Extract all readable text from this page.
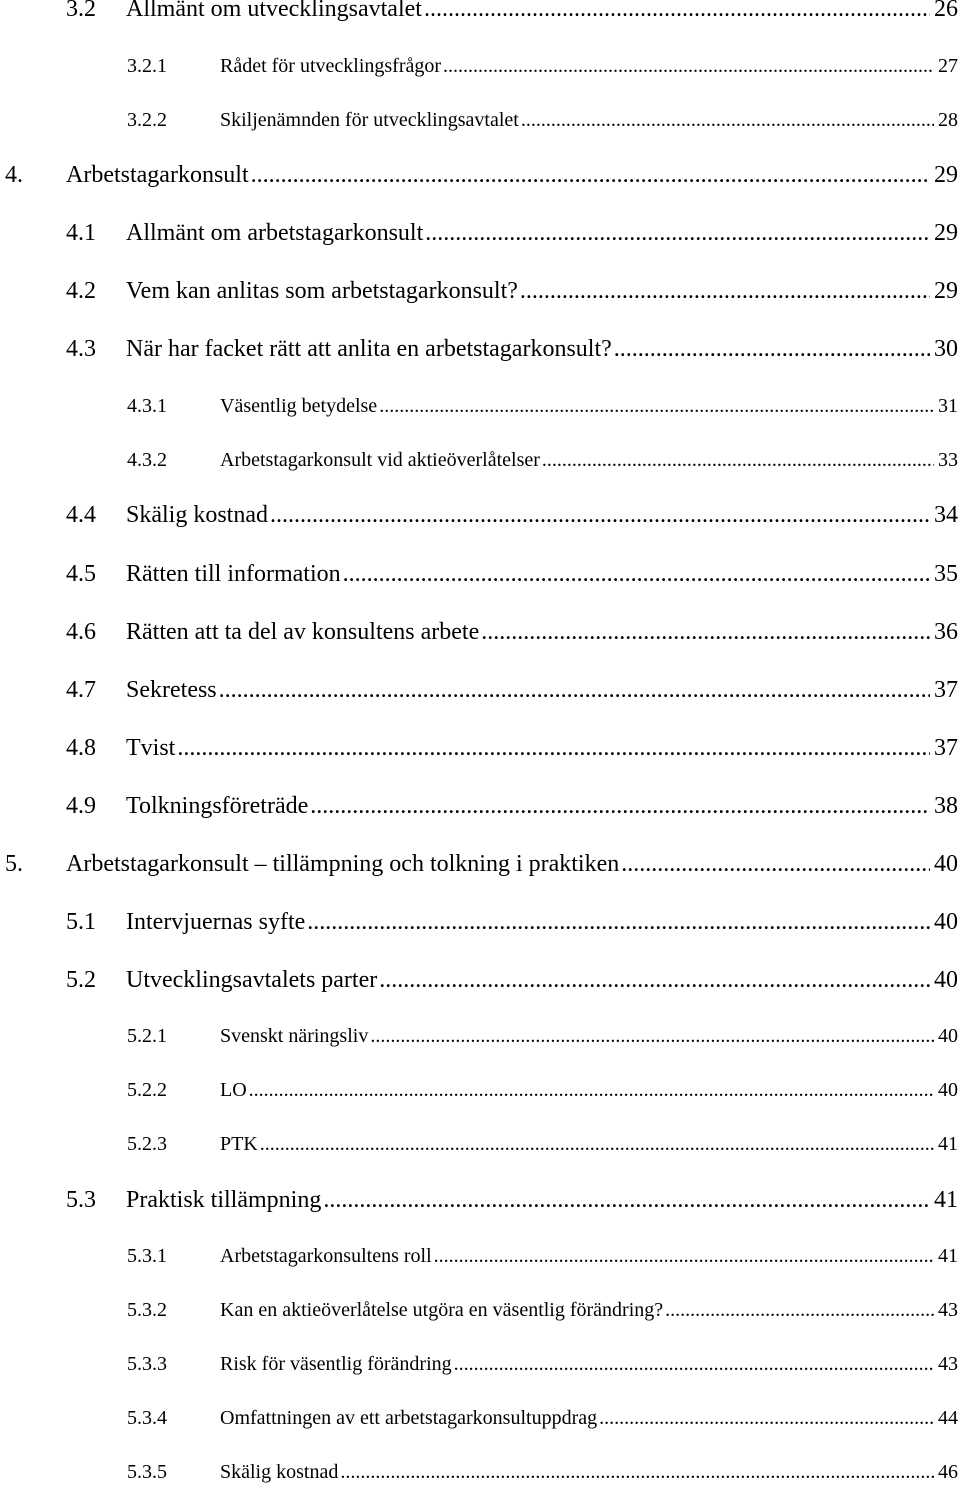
3.2	Allmänt om utvecklingsavtalet .....	26
3.2.1	Rådet för utvecklingsfrågor .....	27
3.2.2	Skiljenämnden för utvecklingsavtalet .....	28
4.	Arbetstagarkonsult .....	29
4.1	Allmänt om arbetstagarkonsult .....	29
4.2	Vem kan anlitas som arbetstagarkonsult? .....	29
4.3	När har facket rätt att anlita en arbetstagarkonsult? .....	30
4.3.1	Väsentlig betydelse .....	31
4.3.2	Arbetstagarkonsult vid aktieöverlåtelser .....	33
4.4	Skälig kostnad .....	34
4.5	Rätten till information .....	35
4.6	Rätten att ta del av konsultens arbete .....	36
4.7	Sekretess .....	37
4.8	Tvist .....	37
4.9	Tolkningsföreträde .....	38
5.	Arbetstagarkonsult – tillämpning och tolkning i praktiken .....	40
5.1	Intervjuernas syfte .....	40
5.2	Utvecklingsavtalets parter .....	40
5.2.1	Svenskt näringsliv .....	40
5.2.2	LO .....	40
5.2.3	PTK .....	41
5.3	Praktisk tillämpning .....	41
5.3.1	Arbetstagarkonsultens roll .....	41
5.3.2	Kan en aktieöverlåtelse utgöra en väsentlig förändring? .....	43
5.3.3	Risk för väsentlig förändring .....	43
5.3.4	Omfattningen av ett arbetstagarkonsultuppdrag .....	44
5.3.5	Skälig kostnad .....	46
